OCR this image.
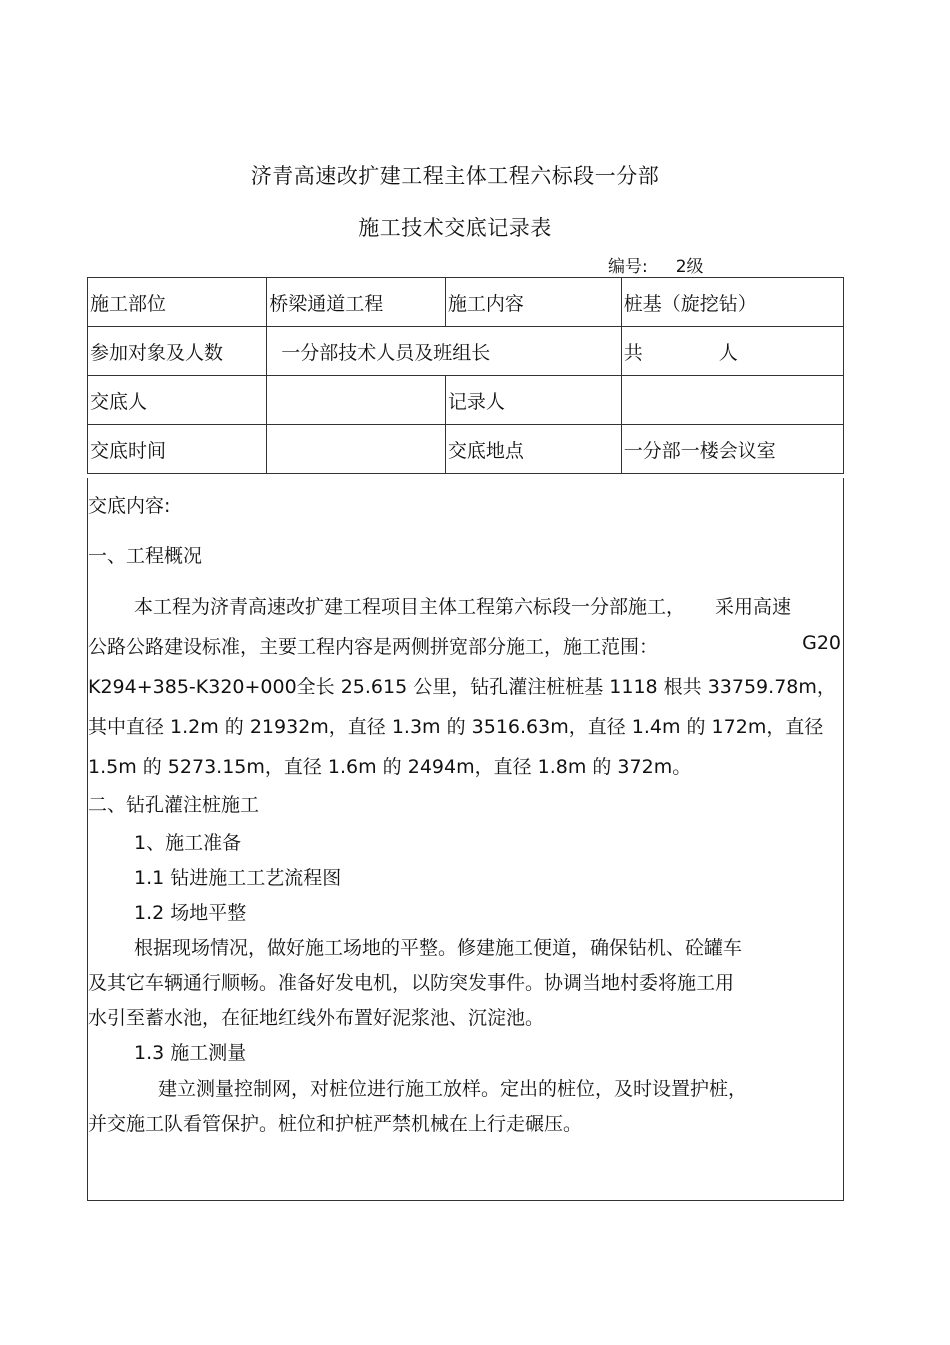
济青高速改扩建工程主体工程六标段一分部
施工技术交底记录表
编号: 2级
施工部位	桥梁通道工程	施工内容	桩基（旋挖钻）
参加对象及人数	一分部技术人员及班组长		共 人
交底人		记录人	
交底时间		交底地点	一分部一楼会议室
交底内容:
一、工程概况
本工程为济青高速改扩建工程项目主体工程第六标段一分部施工， 采用高速
公路公路建设标准，主要工程内容是两侧拼宽部分施工，施工范围：	G20
K294+385-K320+000全长 25.615 公里，钻孔灌注桩桩基 1118 根共 33759.78m，
其中直径 1.2m 的 21932m，直径 1.3m 的 3516.63m，直径 1.4m 的 172m，直径
1.5m 的 5273.15m，直径 1.6m 的 2494m，直径 1.8m 的 372m。
二、钻孔灌注桩施工
1、施工准备
1.1 钻进施工工艺流程图
1.2 场地平整
根据现场情况，做好施工场地的平整。修建施工便道，确保钻机、砼罐车
及其它车辆通行顺畅。准备好发电机，以防突发事件。协调当地村委将施工用
水引至蓄水池，在征地红线外布置好泥浆池、沉淀池。
1.3 施工测量
建立测量控制网，对桩位进行施工放样。定出的桩位，及时设置护桩，
并交施工队看管保护。桩位和护桩严禁机械在上行走碾压。
